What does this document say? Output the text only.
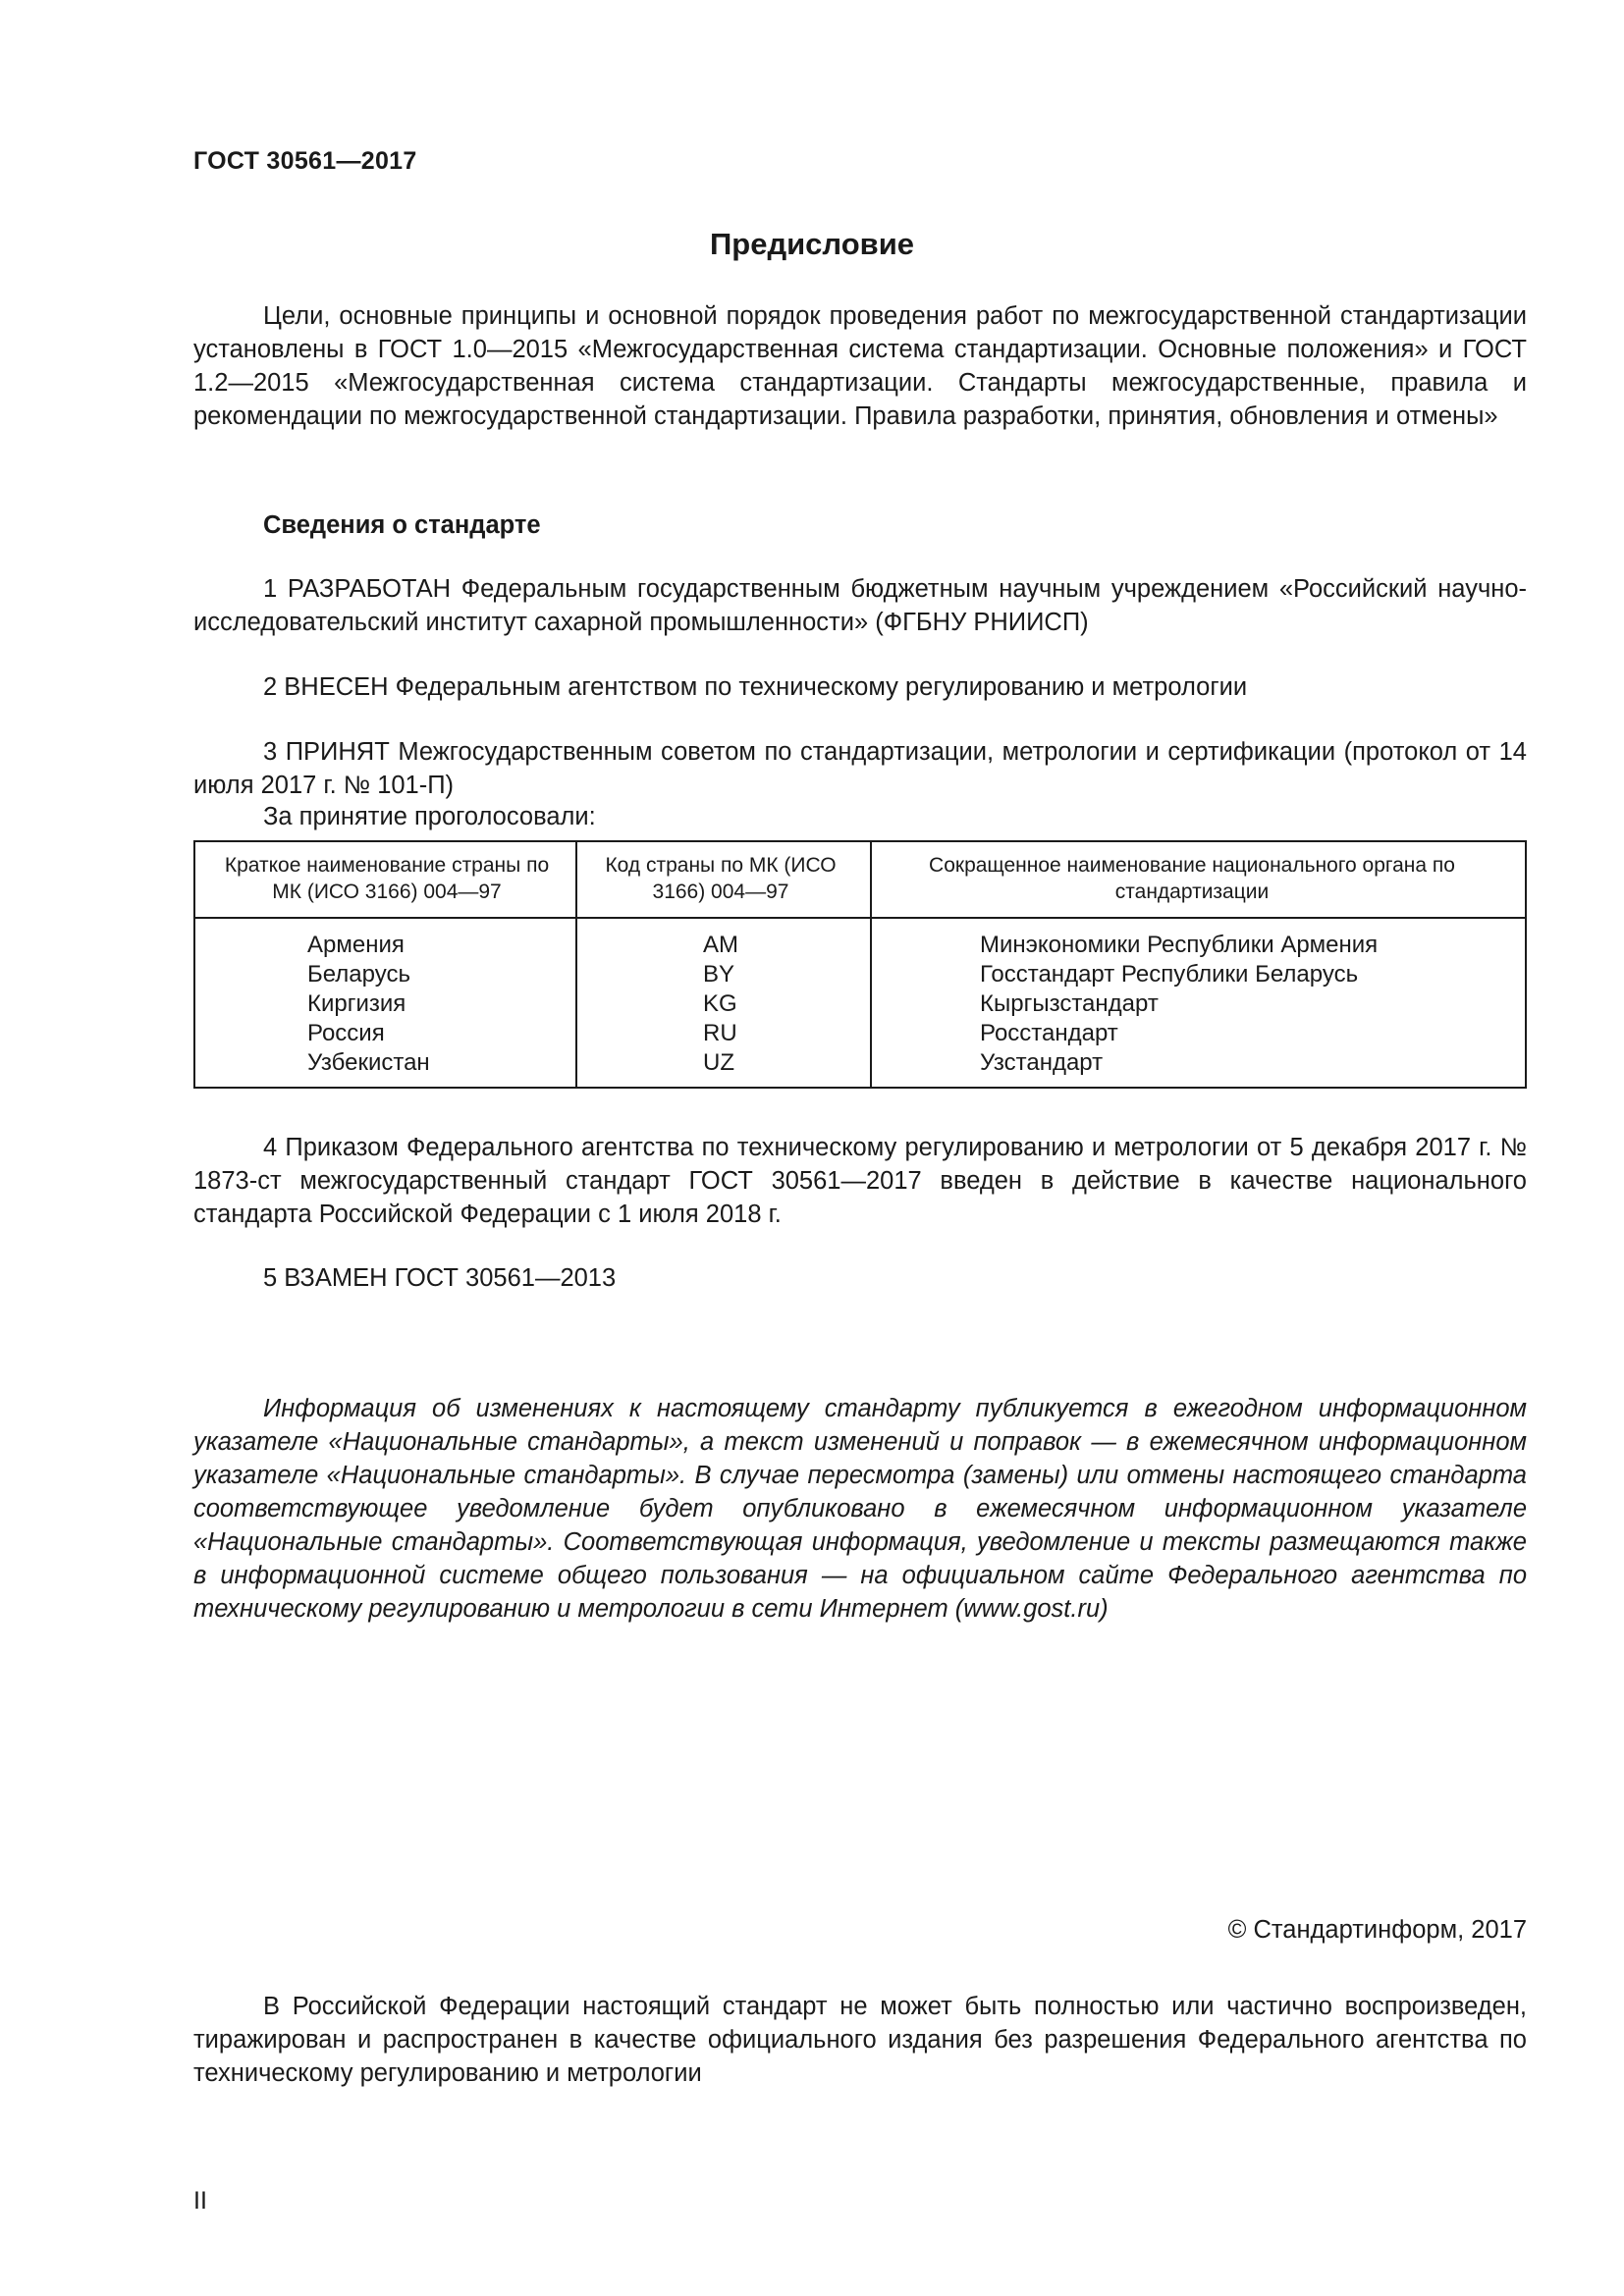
ГОСТ 30561—2017
Предисловие
Цели, основные принципы и основной порядок проведения работ по межгосударственной стандартизации установлены в ГОСТ 1.0—2015 «Межгосударственная система стандартизации. Основные положения» и ГОСТ 1.2—2015 «Межгосударственная система стандартизации. Стандарты межгосударственные, правила и рекомендации по межгосударственной стандартизации. Правила разработки, принятия, обновления и отмены»
Сведения о стандарте
1 РАЗРАБОТАН Федеральным государственным бюджетным научным учреждением «Российский научно-исследовательский институт сахарной промышленности» (ФГБНУ РНИИСП)
2 ВНЕСЕН Федеральным агентством по техническому регулированию и метрологии
3 ПРИНЯТ Межгосударственным советом по стандартизации, метрологии и сертификации (протокол от 14 июля 2017 г. № 101-П)
За принятие проголосовали:
Краткое наименование страны по МК (ИСО 3166) 004—97
Код страны по МК (ИСО 3166) 004—97
Сокращенное наименование национального органа по стандартизации
Армения
Беларусь
Киргизия
Россия
Узбекистан
AM
BY
KG
RU
UZ
Минэкономики Республики Армения
Госстандарт Республики Беларусь
Кыргызстандарт
Росстандарт
Узстандарт
4 Приказом Федерального агентства по техническому регулированию и метрологии от 5 декабря 2017 г. № 1873-ст межгосударственный стандарт ГОСТ 30561—2017 введен в действие в качестве национального стандарта Российской Федерации с 1 июля 2018 г.
5 ВЗАМЕН ГОСТ 30561—2013
Информация об изменениях к настоящему стандарту публикуется в ежегодном информационном указателе «Национальные стандарты», а текст изменений и поправок — в ежемесячном информационном указателе «Национальные стандарты». В случае пересмотра (замены) или отмены настоящего стандарта соответствующее уведомление будет опубликовано в ежемесячном информационном указателе «Национальные стандарты». Соответствующая информация, уведомление и тексты размещаются также в информационной системе общего пользования — на официальном сайте Федерального агентства по техническому регулированию и метрологии в сети Интернет (www.gost.ru)
© Стандартинформ, 2017
В Российской Федерации настоящий стандарт не может быть полностью или частично воспроизведен, тиражирован и распространен в качестве официального издания без разрешения Федерального агентства по техническому регулированию и метрологии
II
